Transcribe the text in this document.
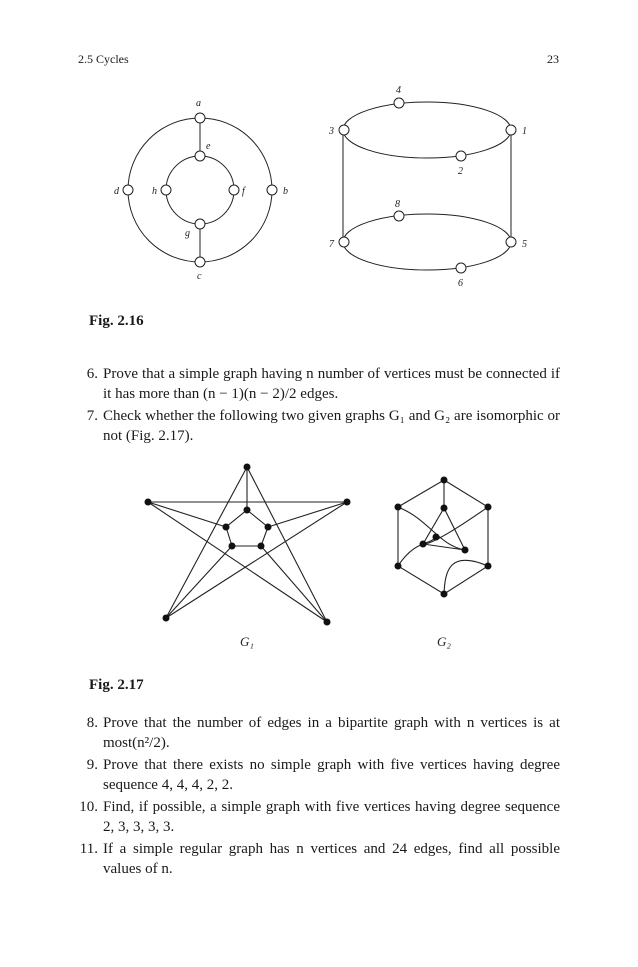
2.5 Cycles	23
a
e
d	h	f	b
g
c
4
3	1
2
8
7	5
6
G₁	G₂
Fig. 2.16
6. Prove that a simple graph having n number of vertices must be connected if it has more than (n − 1)(n − 2)/2 edges.
7. Check whether the following two given graphs G₁ and G₂ are isomorphic or not (Fig. 2.17).
Fig. 2.17
8. Prove that the number of edges in a bipartite graph with n vertices is at most(n²/2).
9. Prove that there exists no simple graph with five vertices having degree sequence 4, 4, 4, 2, 2.
10. Find, if possible, a simple graph with five vertices having degree sequence 2, 3, 3, 3, 3.
11. If a simple regular graph has n vertices and 24 edges, find all possible values of n.
